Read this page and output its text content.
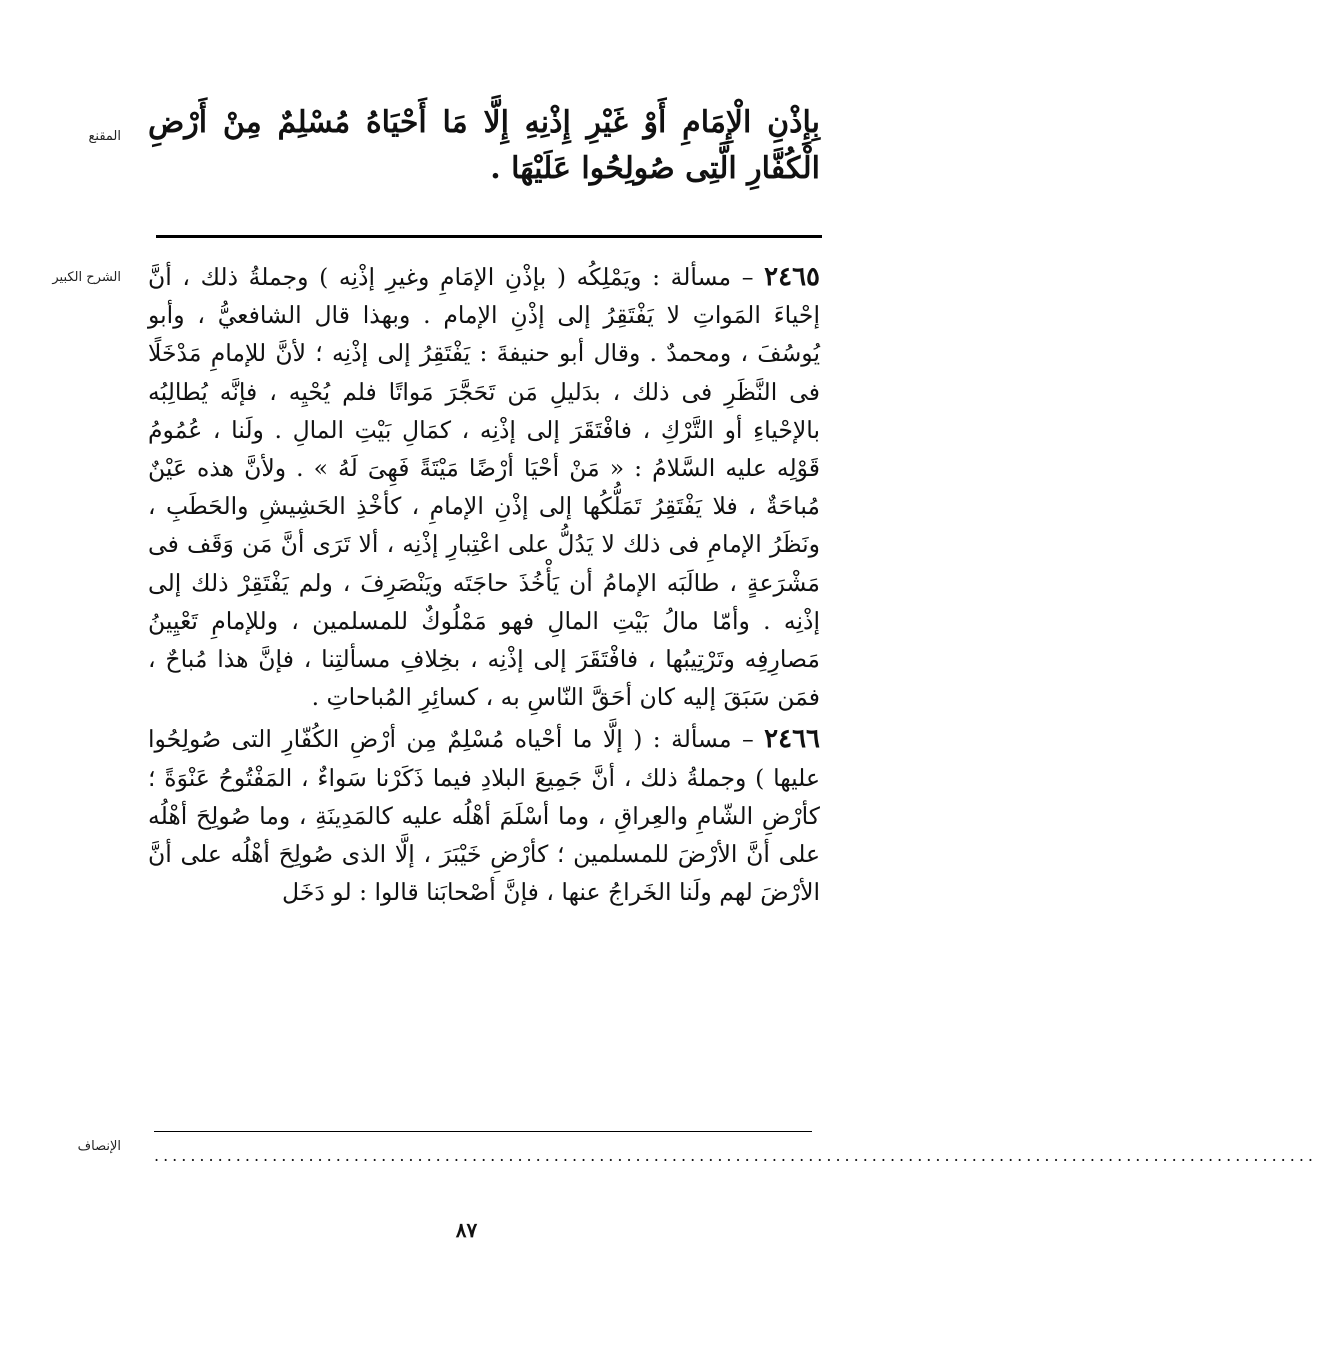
المقنع بِإِذْنِ الْإِمَامِ أَوْ غَيْرِ إِذْنِهِ إِلَّا مَا أَحْيَاهُ مُسْلِمٌ مِنْ أَرْضِ الْكُفَّارِ الَّتِى صُولِحُوا عَلَيْهَا .
الشرح الكبير	٢٤٦٥ – مسألة : ويَمْلِكُه ( بإذْنِ الإمَامِ وغيرِ إذْنِه ) وجملةُ ذلك ، أنَّ إحْياءَ المَواتِ لا يَفْتَقِرُ إلى إذْنِ الإمام . وبهذا قال الشافعيُّ ، وأبو يُوسُفَ ، ومحمدٌ . وقال أبو حنيفةَ : يَفْتَقِرُ إلى إذْنِه ؛ لأنَّ للإمامِ مَدْخَلًا فى النَّظَرِ فى ذلك ، بدَليلِ مَن تَحَجَّرَ مَواتًا فلم يُحْيِه ، فإنَّه يُطالِبُه بالإحْياءِ أو التَّرْكِ ، فافْتَقَرَ إلى إذْنِه ، كمَالِ بَيْتِ المالِ . ولَنا ، عُمُومُ قَوْلِه عليه السَّلامُ : « مَنْ أحْيَا أرْضًا مَيْتَةً فَهِىَ لَهُ » . ولأنَّ هذه عَيْنٌ مُباحَةٌ ، فلا يَفْتَقِرُ تَمَلُّكُها إلى إذْنِ الإمامِ ، كأخْذِ الحَشِيشِ والحَطَبِ ، ونَظَرُ الإمامِ فى ذلك لا يَدُلُّ على اعْتِبارِ إذْنِه ، ألا تَرَى أنَّ مَن وَقَف فى مَشْرَعةٍ ، طالَبَه الإمامُ أن يَأْخُذَ حاجَتَه ويَنْصَرِفَ ، ولم يَفْتَقِرْ ذلك إلى إذْنِه . وأمّا مالُ بَيْتِ المالِ فهو مَمْلُوكٌ للمسلمين ، وللإمامِ تَعْيِينُ مَصارِفِه وتَرْتِيبُها ، فافْتَقَرَ إلى إذْنِه ، بخِلافِ مسألتِنا ، فإنَّ هذا مُباحٌ ، فمَن سَبَقَ إليه كان أحَقَّ النّاسِ به ، كسائِرِ المُباحاتِ .

٢٤٦٦ – مسألة : ( إلَّا ما أحْياه مُسْلِمٌ مِن أرْضِ الكُفّارِ التى صُولِحُوا عليها ) وجملةُ ذلك ، أنَّ جَمِيعَ البلادِ فيما ذَكَرْنا سَواءٌ ، المَفْتُوحُ عَنْوَةً ؛ كأرْضِ الشّامِ والعِراقِ ، وما أسْلَمَ أهْلُه عليه كالمَدِينَةِ ، وما صُولِحَ أهْلُه على أنَّ الأرْضَ للمسلمين ؛ كأرْضِ خَيْبَرَ ، إلَّا الذى صُولِحَ أهْلُه على أنَّ الأرْضَ لهم ولَنا الخَراجُ عنها ، فإنَّ أصْحابَنا قالوا : لو دَخَل

الإنصاف ................................................................................................................................
٨٧
